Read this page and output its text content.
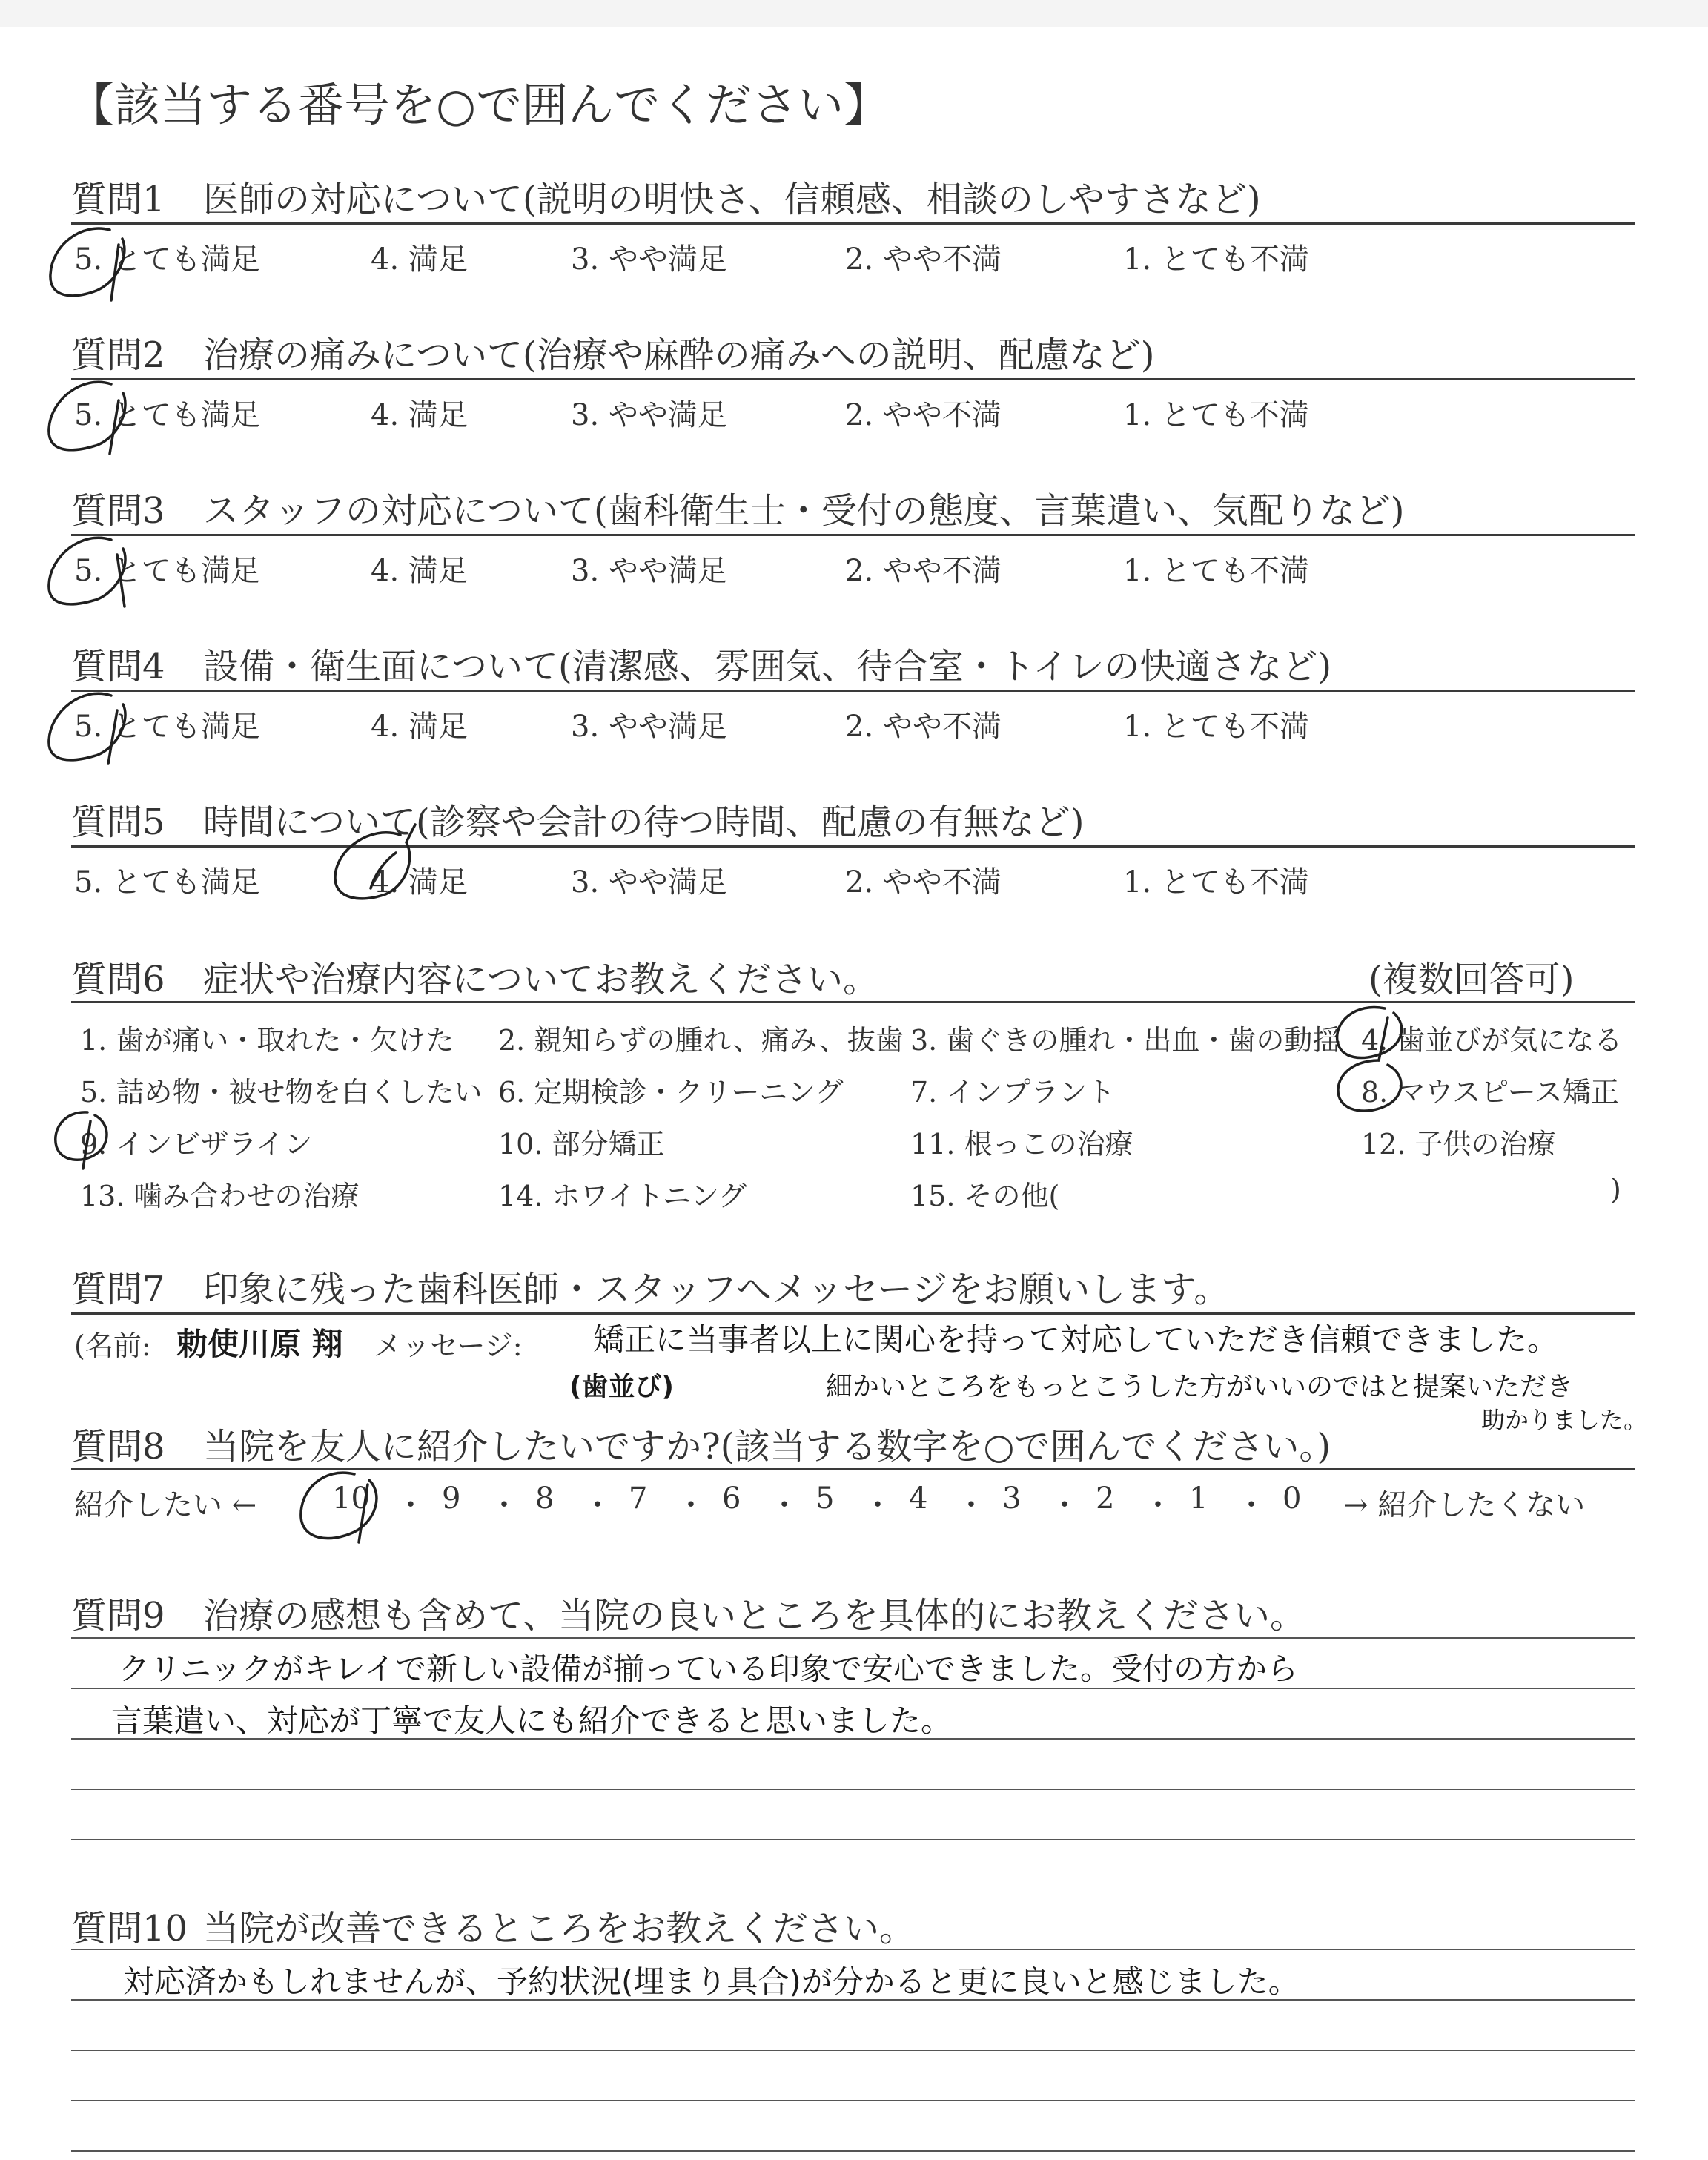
【該当する番号を○で囲んでください】
質問1 医師の対応について(説明の明快さ、信頼感、相談のしやすさなど)
5. とても満足	4. 満足	3. やや満足	2. やや不満	1. とても不満
質問2 治療の痛みについて(治療や麻酔の痛みへの説明、配慮など)
5. とても満足	4. 満足	3. やや満足	2. やや不満	1. とても不満
質問3 スタッフの対応について(歯科衛生士・受付の態度、言葉遣い、気配りなど)
5. とても満足	4. 満足	3. やや満足	2. やや不満	1. とても不満
質問4 設備・衛生面について(清潔感、雰囲気、待合室・トイレの快適さなど)
5. とても満足	4. 満足	3. やや満足	2. やや不満	1. とても不満
質問5 時間について(診察や会計の待つ時間、配慮の有無など)
5. とても満足	4. 満足	3. やや満足	2. やや不満	1. とても不満
質問6 症状や治療内容についてお教えください。	(複数回答可)
1. 歯が痛い・取れた・欠けた 2. 親知らずの腫れ、痛み、抜歯 3. 歯ぐきの腫れ・出血・歯の動揺 4. 歯並びが気になる
5. 詰め物・被せ物を白くしたい 6. 定期検診・クリーニング 7. インプラント	8. マウスピース矯正
9. インビザライン	10. 部分矯正	11. 根っこの治療	12. 子供の治療
13. 噛み合わせの治療	14. ホワイトニング	15. その他(	)
質問7 印象に残った歯科医師・スタッフへメッセージをお願いします。
(名前: 勅使川原 翔 メッセージ: 矯正に当事者以上に関心を持って対応していただき信頼できました。
(歯並び)	細かいところをもっとこうした方がいいのではと提案いただき
助かりました。
質問8 当院を友人に紹介したいですか?(該当する数字を○で囲んでください。)
紹介したい ←	10 ・ 9 ・ 8 ・ 7 ・ 6 ・ 5 ・ 4 ・ 3 ・ 2 ・ 1 ・ 0 → 紹介したくない
質問9 治療の感想も含めて、当院の良いところを具体的にお教えください。
クリニックがキレイで新しい設備が揃っている印象で安心できました。受付の方から
言葉遣い、対応が丁寧で友人にも紹介できると思いました。
質問10 当院が改善できるところをお教えください。
対応済かもしれませんが、予約状況(埋まり具合)が分かると更に良いと感じました。
